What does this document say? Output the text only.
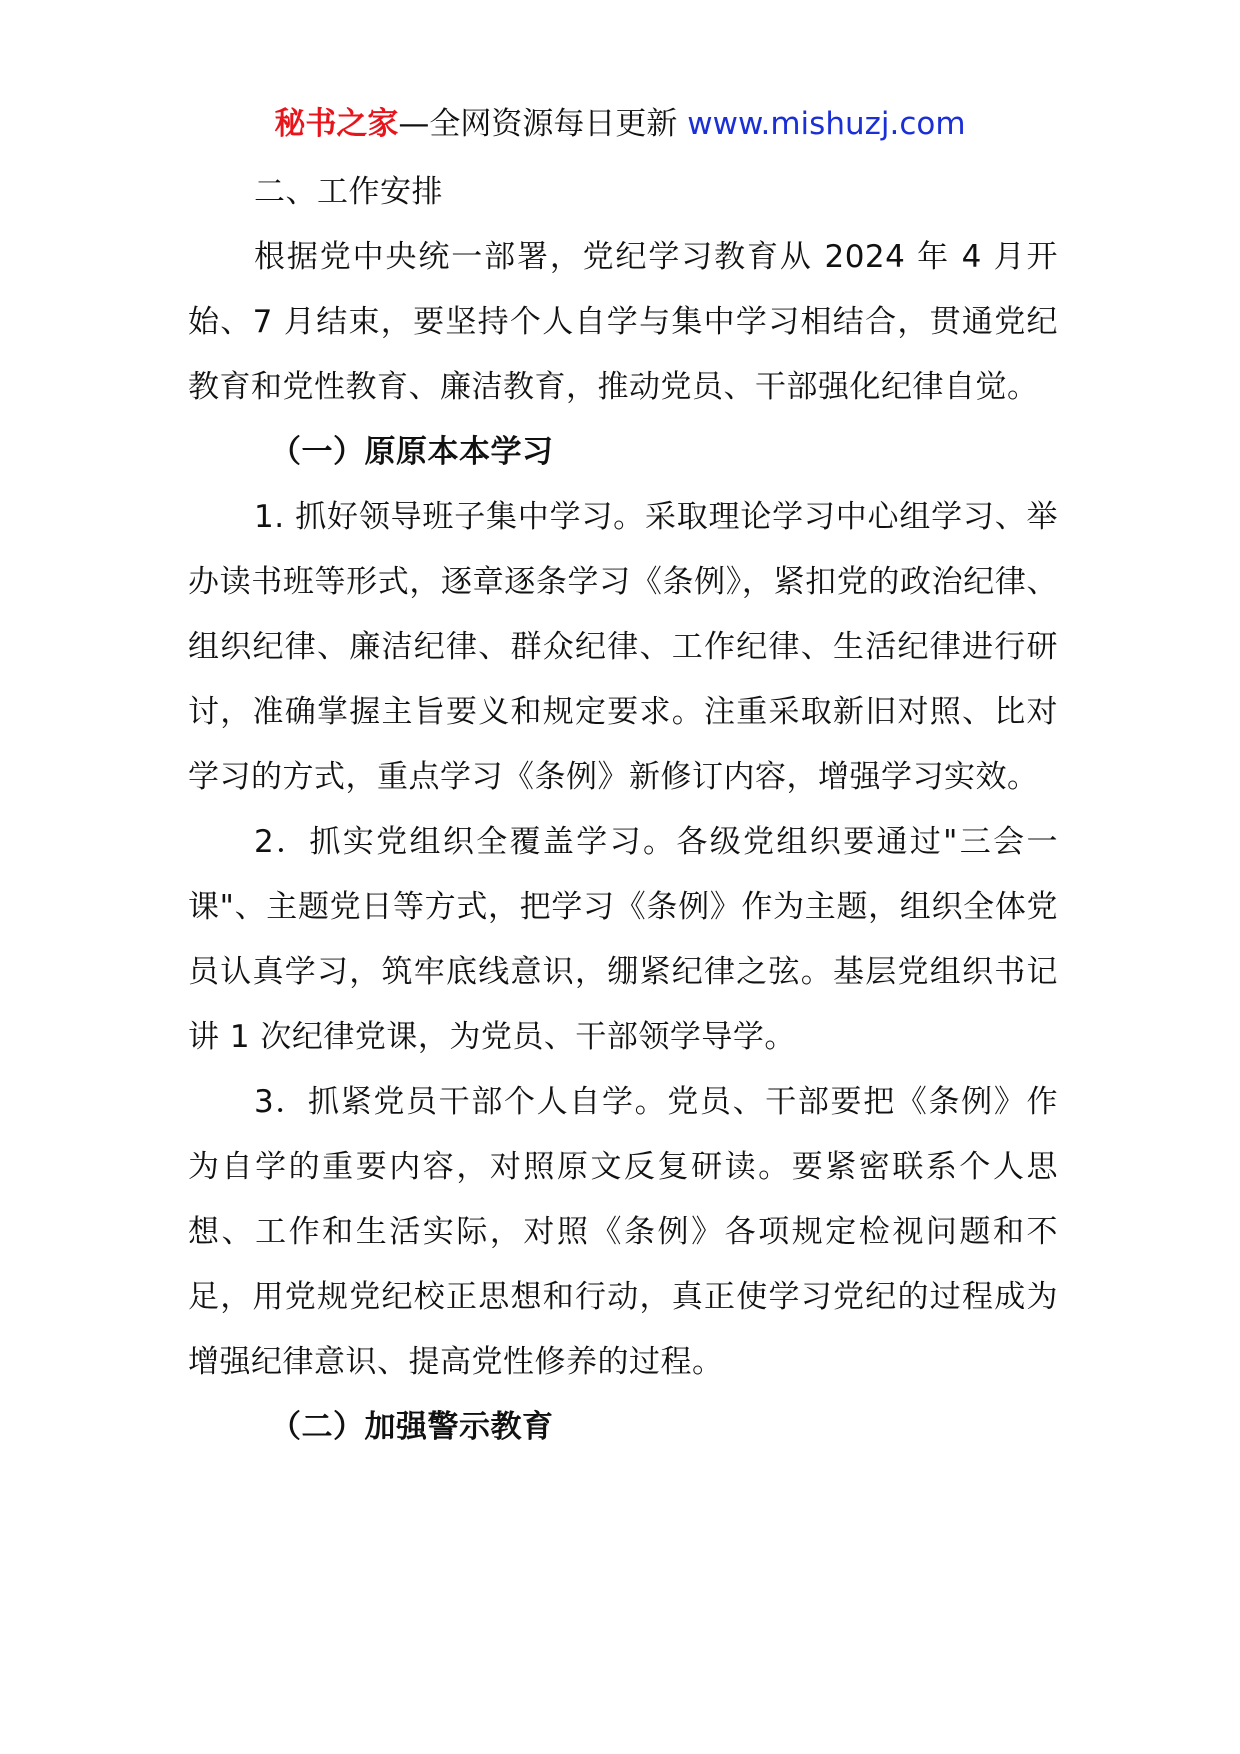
秘书之家—全网资源每日更新 www.mishuzj.com

二、工作安排

根据党中央统一部署，党纪学习教育从 2024 年 4 月开始、7 月结束，要坚持个人自学与集中学习相结合，贯通党纪教育和党性教育、廉洁教育，推动党员、干部强化纪律自觉。

（一）原原本本学习

1. 抓好领导班子集中学习。采取理论学习中心组学习、举办读书班等形式，逐章逐条学习《条例》，紧扣党的政治纪律、组织纪律、廉洁纪律、群众纪律、工作纪律、生活纪律进行研讨，准确掌握主旨要义和规定要求。注重采取新旧对照、比对学习的方式，重点学习《条例》新修订内容，增强学习实效。

2．抓实党组织全覆盖学习。各级党组织要通过"三会一课"、主题党日等方式，把学习《条例》作为主题，组织全体党员认真学习，筑牢底线意识，绷紧纪律之弦。基层党组织书记讲 1 次纪律党课，为党员、干部领学导学。

3．抓紧党员干部个人自学。党员、干部要把《条例》作为自学的重要内容，对照原文反复研读。要紧密联系个人思想、工作和生活实际，对照《条例》各项规定检视问题和不足，用党规党纪校正思想和行动，真正使学习党纪的过程成为增强纪律意识、提高党性修养的过程。

（二）加强警示教育
